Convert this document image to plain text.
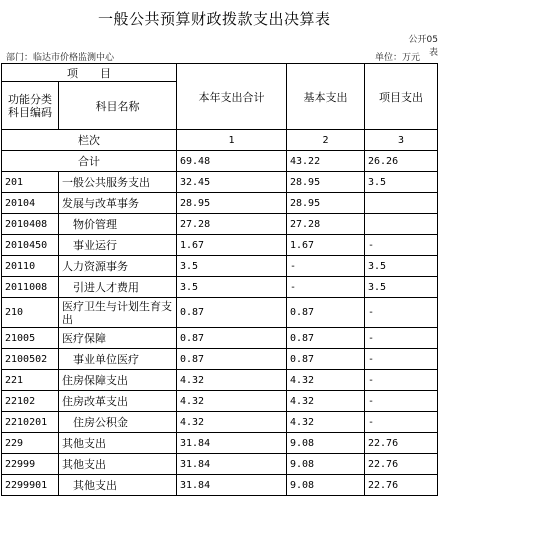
一般公共预算财政拨款支出决算表
公开05表
部门：临达市价格监测中心	单位：万元
项　　目		本年支出合计	基本支出	项目支出
功能分类科目编码	科目名称			
栏次		1	2	3
合计		69.48	43.22	26.26
201	一般公共服务支出	32.45	28.95	3.5
20104	发展与改革事务	28.95	28.95	
2010408	　物价管理	27.28	27.28	
2010450	　事业运行	1.67	1.67	-
20110	人力资源事务	3.5	-	3.5
2011008	　引进人才费用	3.5	-	3.5
210	医疗卫生与计划生育支出	0.87	0.87	-
21005	医疗保障	0.87	0.87	-
2100502	　事业单位医疗	0.87	0.87	-
221	住房保障支出	4.32	4.32	-
22102	住房改革支出	4.32	4.32	-
2210201	　住房公积金	4.32	4.32	-
229	其他支出	31.84	9.08	22.76
22999	其他支出	31.84	9.08	22.76
2299901	　其他支出	31.84	9.08	22.76
